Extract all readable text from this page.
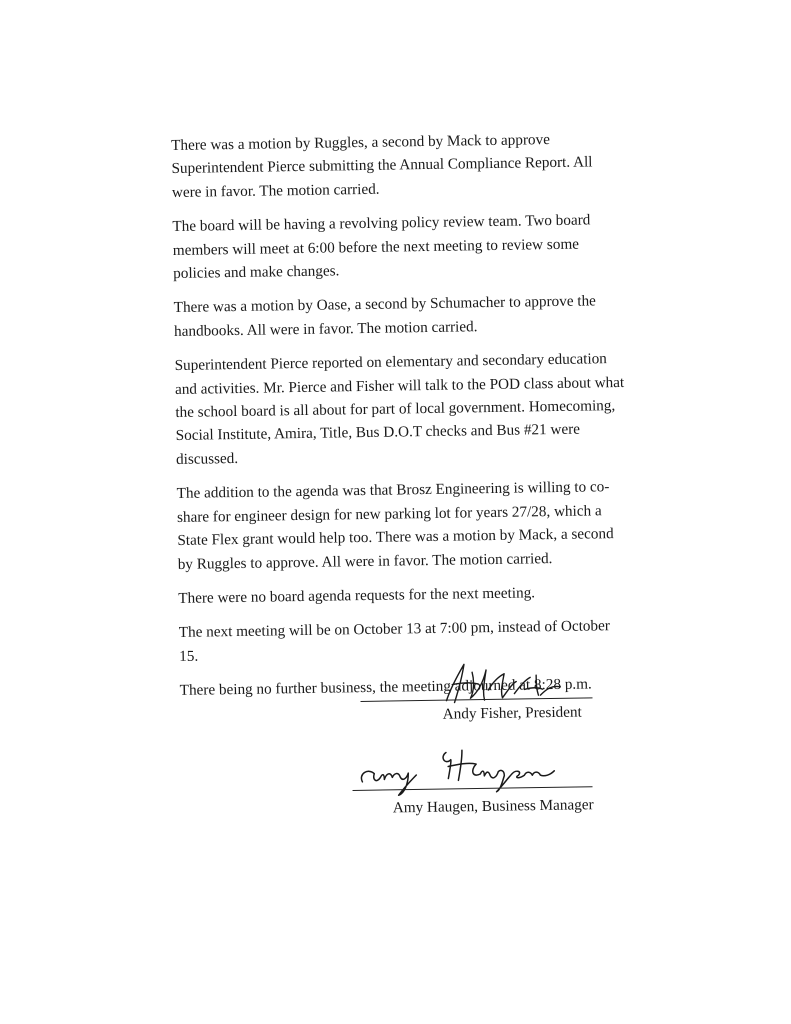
There was a motion by Ruggles, a second by Mack to approve Superintendent Pierce submitting the Annual Compliance Report. All were in favor. The motion carried.

The board will be having a revolving policy review team. Two board members will meet at 6:00 before the next meeting to review some policies and make changes.

There was a motion by Oase, a second by Schumacher to approve the handbooks. All were in favor. The motion carried.

Superintendent Pierce reported on elementary and secondary education and activities. Mr. Pierce and Fisher will talk to the POD class about what the school board is all about for part of local government. Homecoming, Social Institute, Amira, Title, Bus D.O.T checks and Bus #21 were discussed.

The addition to the agenda was that Brosz Engineering is willing to co-share for engineer design for new parking lot for years 27/28, which a State Flex grant would help too. There was a motion by Mack, a second by Ruggles to approve. All were in favor. The motion carried.

There were no board agenda requests for the next meeting.

The next meeting will be on October 13 at 7:00 pm, instead of October 15.

There being no further business, the meeting adjourned at 8:28 p.m.

Andy Fisher, President
Amy Haugen, Business Manager
